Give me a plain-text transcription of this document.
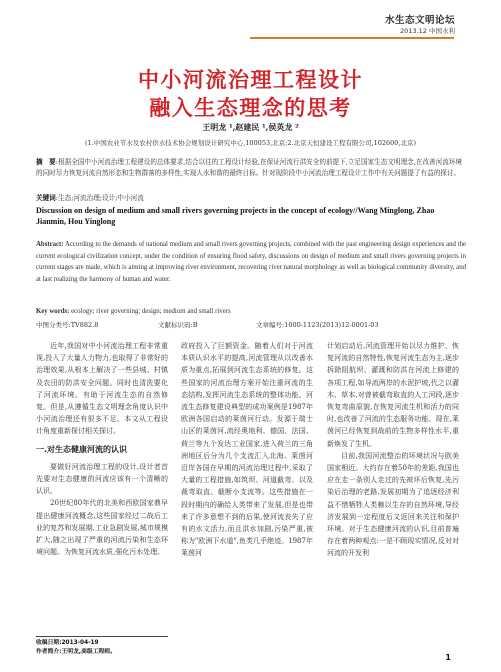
水生态文明论坛
2013.12 中国水利
中小河流治理工程设计
融入生态理念的思考
王明龙 ¹,赵建民 ¹,侯英龙 ²
(1.中国农业节水及农村供水技术协会规划设计研究中心,100053,北京;2.北京天恒建设工程有限公司,102600,北京)
摘　要:根据全国中小河流治理工程建设的总体要求,结合以往的工程设计经验,在保证河流行洪安全的前提下,立足国家生态文明理念,在改善河流环境的同时尽力恢复河流自然形态和生物群落的多样性,实现人水和谐的最终目标。针对现阶段中小河流治理工程设计工作中有关问题提了有益的探讨。
关键词:生态;河流治理;设计;中小河流
Discussion on design of medium and small rivers governing projects in the concept of ecology//Wang Minglong, Zhao Jianmin, Hou Yinglong
Abstract: According to the demands of national medium and small rivers governing projects, combined with the past engineering design experiences and the current ecological civilization concept, under the condition of ensuring flood safety, discussions on design of medium and small rivers governing projects in current stages are made, which is aiming at improving river environment, recovering river natural morphology as well as biological community diversity, and at last realizing the harmony of human and water.
Key words: ecology; river governing; design; medium and small rivers
中图分类号:TV882.8	文献标识码:B	文章编号:1000-1123(2013)12-0001-03
近年,我国对中小河流治理工程非常重视,投入了大量人力物力,也取得了非常好的治理效果,从根本上解决了一些县城、村镇及农田的防洪安全问题。同时也清洗要化了河流环境。有助于河流生态的自然修复。但是,从遵循生态文明理念角度认识中小河流治理还有很多不足。本文从工程设计角度重新探讨相关探讨。
一.对生态健康河流的认识
要做好河流治理工程的设计,设计者首先要对生态健康的河流应该有一个清晰的认识。
20世纪80年代的北美和西欧国家鼎早提出健康河流概念,这些国家经过二战后工业的复苏和发展期,工业急剧发展,城市规模扩大,随之出现了严重的河流污染和生态环境问题。为恢复河流水质,强化污水处理,
政府投入了巨额资金。随着人们对于河流本质认识水平的提高,河流管理从以改善水质为重点,拓展到河流生态系统的修复。这些国家的河流治理方案开始注重河流的生态结构,发挥河流生态系统的整体功能。河流生态修复建设典型的成功案例是1987年欧洲各国启动的莱茵河行动。发源于瑞士山区的莱茵河,流经奥地利、德国、法国、荷兰等九个发达工业国家,进入荷兰的三角洲地区后分为几个支流汇入北海。莱茵河沿岸各国在早期的河流治理过程中,采取了大量的工程措施,如筑坝、河道截弯、以及裁弯取直、截断小支流等。这些措施在一段时期内的确给人类带来了发展,但是也带来了许多意想不到的后果,使河流丧失了应有的水文活力,而且洪水加剧,污染严重,被称为"欧洲下水道",鱼类几乎绝迹。1987年莱茵河
计划启动后,河流管理开始以尽力维护、恢复河流的自然特性,恢复河流生态为主,逐步拆除阻航坝、灌溉和防洪在河流上修建的各项工程,如导流两岸的水泥护坡,代之以灌木、草本,对曾被截弯取直的人工河段,逐步恢复弯曲原貌,在恢复河流生机和活力的同时,也改善了河流的生态服务功能。现在,莱茵河已经恢复到战前的生物多样性水平,重新焕发了生机。
目前,我国河流整治的环境状况与欧美国家相近。大约存在着50年的差距,我国也应在走一条别人走过的先被坏后恢复,先污染后治理的老路,发展初期为了追逐经济利益不惜牺牲人类赖以生存的自然环境,导经济发展到一定程度后又返回来关注和保护环境。对于生态健康河流的认识,目前普遍存在着两种观点:一是不顾现实情况,反对对河流的开发利
收稿日期:2013-04-19
作者简介:王明龙,高级工程师。
1
